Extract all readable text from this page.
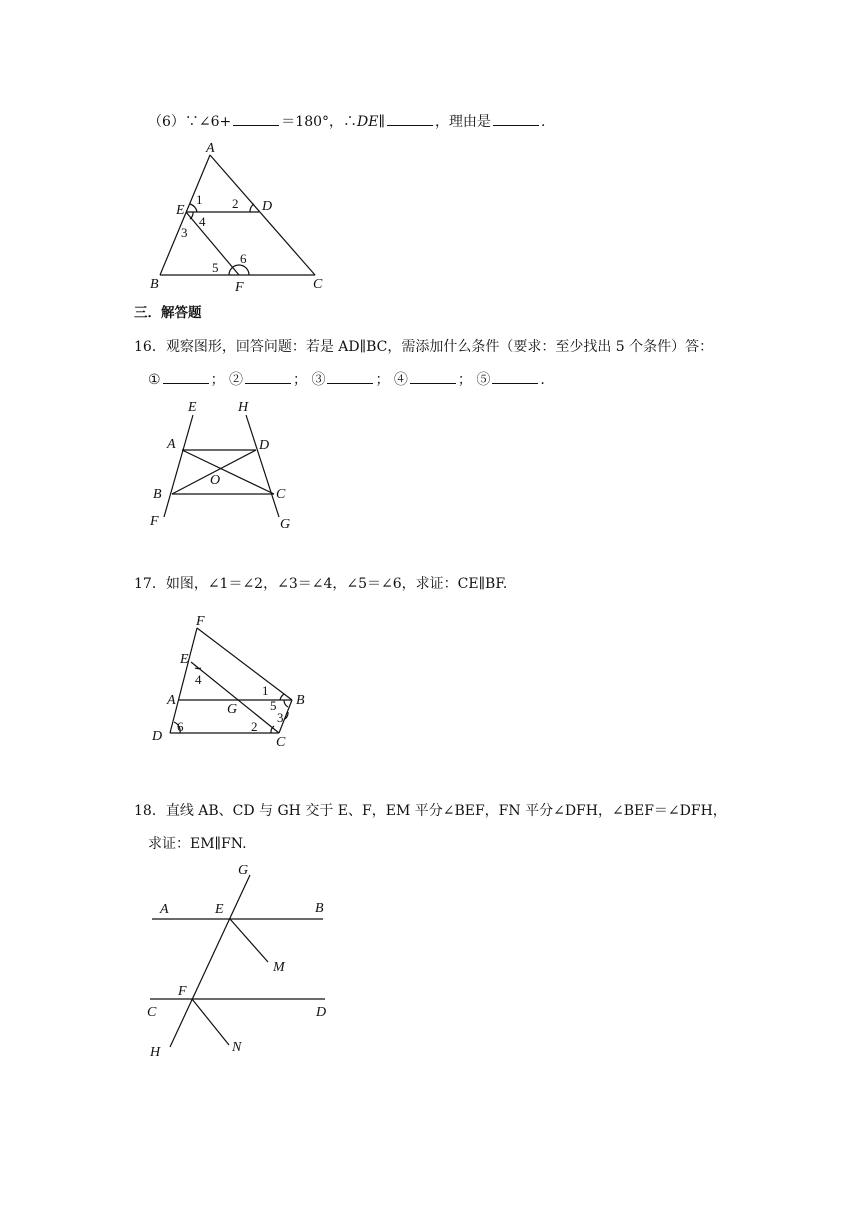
（6）∵∠6+	＝180°，∴DE∥	，理由是	.
A
E	D
B	F	C
1 2
3
4
5
6
三．解答题
16．观察图形，回答问题：若是 AD∥BC，需添加什么条件（要求：至少找出 5 个条件）答：
①	； ②	； ③	； ④	； ⑤	.
E	H
A	D
O
B	C
F	G
17．如图，∠1＝∠2，∠3＝∠4，∠5＝∠6，求证：CE∥BF.
F
E
A
G
B
D	C
1
2
3
4
5
6
18．直线 AB、CD 与 GH 交于 E、F，EM 平分∠BEF，FN 平分∠DFH，∠BEF＝∠DFH，
求证：EM∥FN.
G
A	E	B
M
F
C	D
N
H
